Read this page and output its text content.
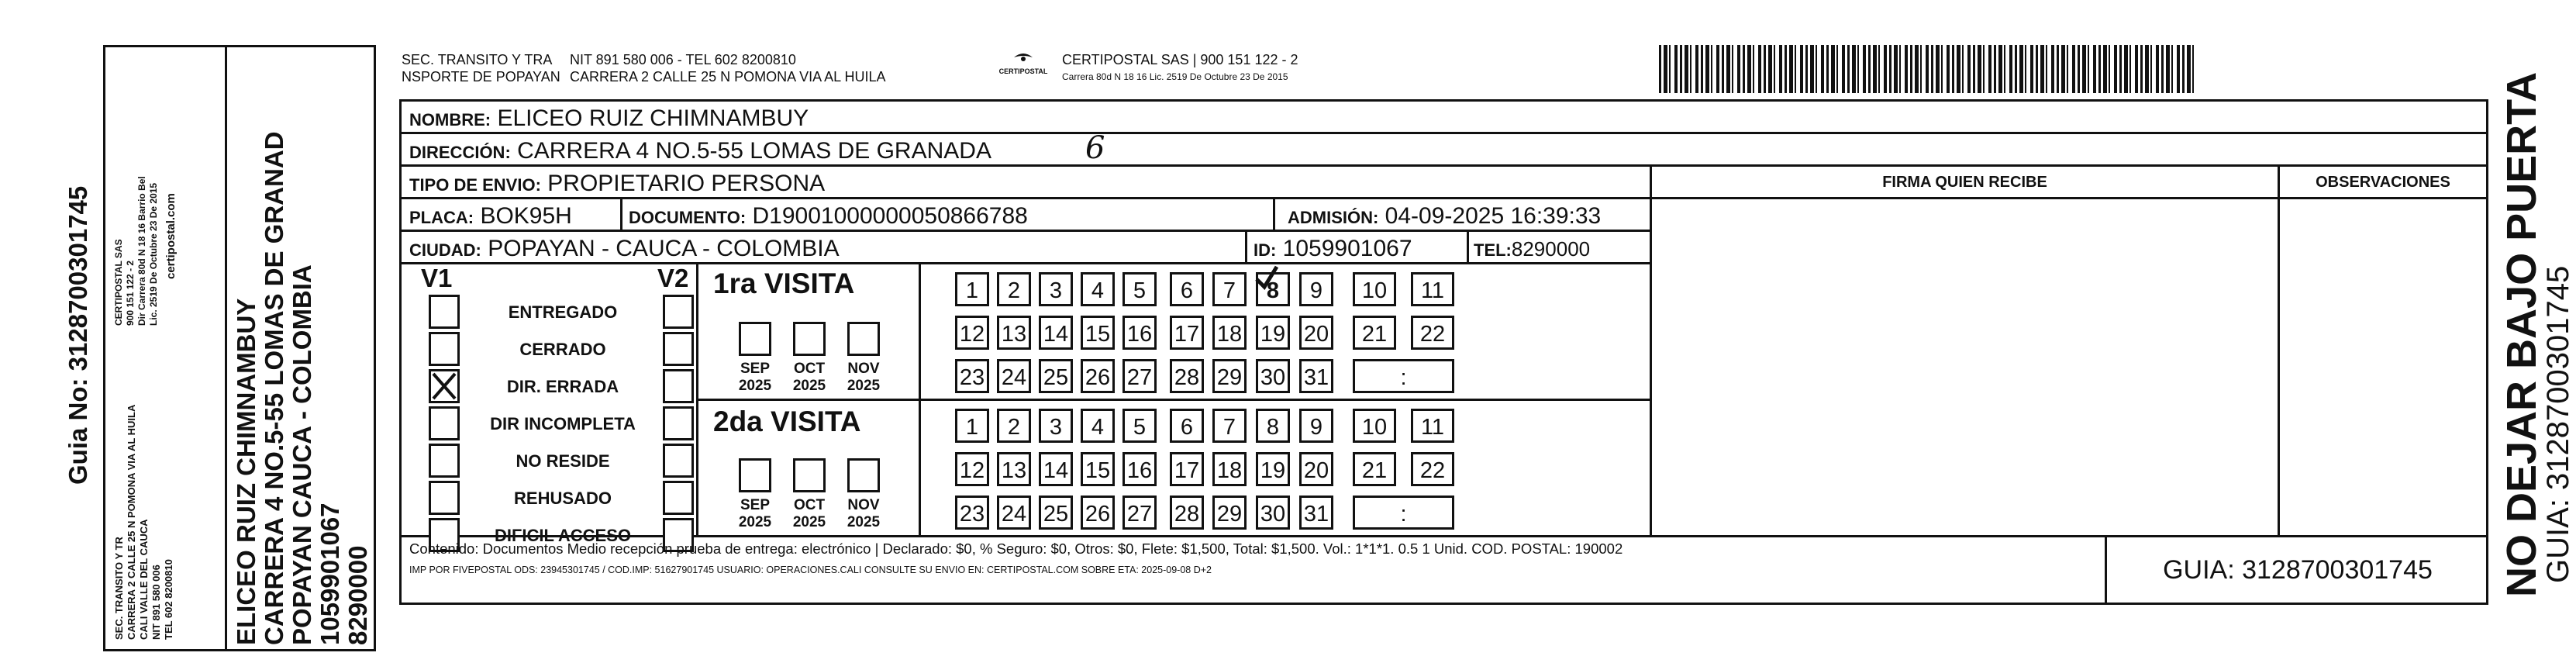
Guia No: 3128700301745
SEC. TRANSITO Y TR CARRERA 2 CALLE 25 N POMONA VIA AL HUILA CALI VALLE DEL CAUCA NIT 891 580 006 TEL 602 8200810
CERTIPOSTAL SAS 900 151 122 - 2 Dir Carrera 80d N 18 16 Barrio Bel Lic. 2519 De Octubre 23 De 2015 certipostal.com
ELICEO RUIZ CHIMNAMBUY CARRERA 4 NO.5-55 LOMAS DE GRANAD POPAYAN CAUCA - COLOMBIA 1059901067 8290000
SEC. TRANSITO Y TRA
NSPORTE DE POPAYAN
NIT 891 580 006 - TEL 602 8200810
CARRERA 2 CALLE 25 N POMONA VIA AL HUILA	CERTIPOSTAL
CERTIPOSTAL SAS | 900 151 122 - 2
Carrera 80d N 18 16 Lic. 2519 De Octubre 23 De 2015
NOMBRE: ELICEO RUIZ CHIMNAMBUY
DIRECCIÓN: CARRERA 4 NO.5-55 LOMAS DE GRANADA	6
TIPO DE ENVIO: PROPIETARIO PERSONA	FIRMA QUIEN RECIBE	OBSERVACIONES
PLACA: BOK95H	DOCUMENTO: D19001000000050866788	ADMISIÓN: 04-09-2025 16:39:33
CIUDAD: POPAYAN - CAUCA - COLOMBIA	ID: 1059901067	TEL:8290000
V1	V2
ENTREGADO
CERRADO
DIR. ERRADA
DIR INCOMPLETA
NO RESIDE
REHUSADO
DIFICIL ACCESO
1ra VISITA
2da VISITA
SEP
2025
OCT
2025
NOV
2025
1	2	3	4	5	6	7	8	9	10	11
12 13 14 15 16 17 18 19 20	21	22
23 24 25 26 27 28 29 30 31	:
SEP
2025
OCT
2025
NOV
2025
1	2	3	4	5	6	7	8	9	10	11
12 13 14 15 16 17 18 19 20	21	22
23 24 25 26 27 28 29 30 31	:
Contenido: Documentos Medio recepción prueba de entrega: electrónico | Declarado: $0, % Seguro: $0, Otros: $0, Flete: $1,500, Total: $1,500. Vol.: 1*1*1. 0.5 1 Unid. COD. POSTAL: 190002
IMP POR FIVEPOSTAL ODS: 23945301745 / COD.IMP: 51627901745 USUARIO: OPERACIONES.CALI CONSULTE SU ENVIO EN: CERTIPOSTAL.COM SOBRE ETA: 2025-09-08 D+2	GUIA: 3128700301745	NO DEJAR BAJO PUERTA
GUIA: 3128700301745
